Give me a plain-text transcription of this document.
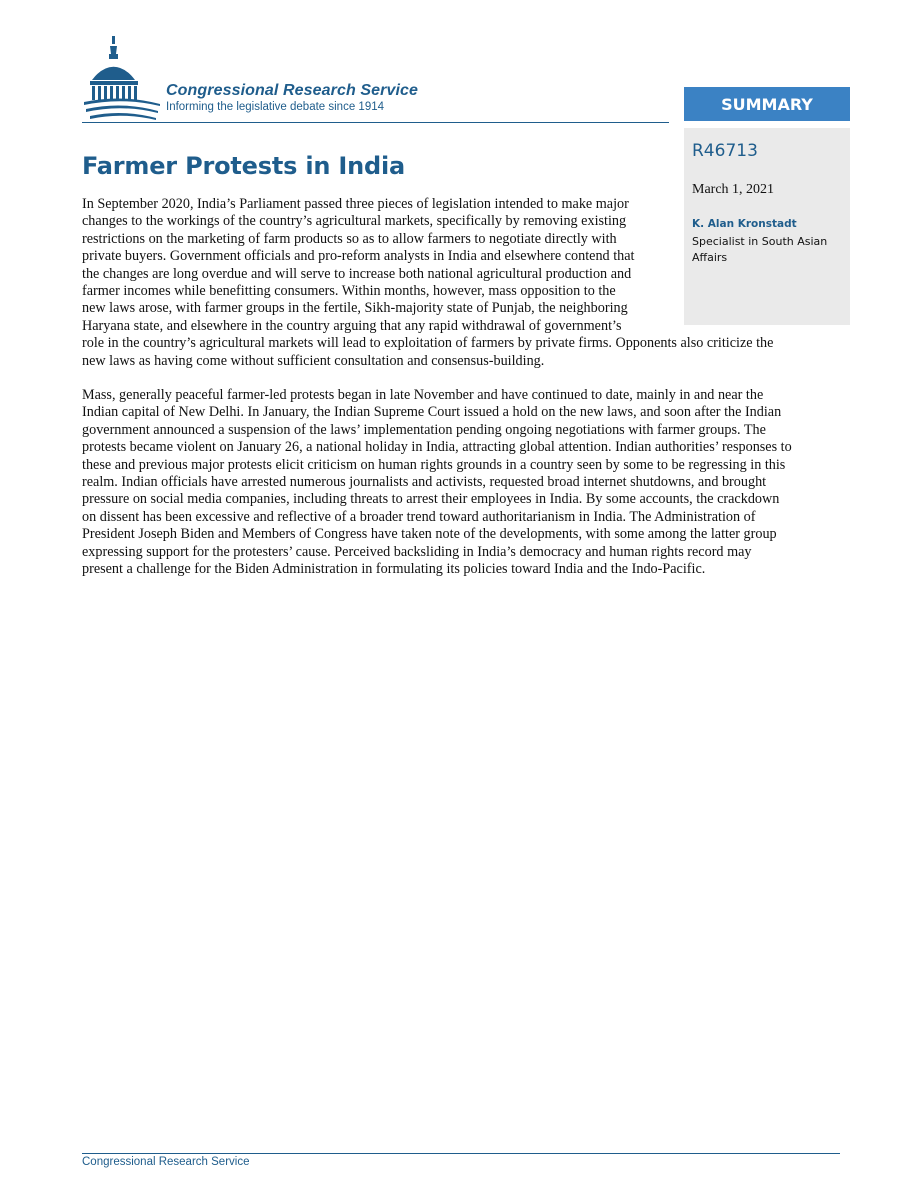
Congressional Research Service
Informing the legislative debate since 1914	SUMMARY
R46713
March 1, 2021
K. Alan Kronstadt
Specialist in South Asian Affairs
Farmer Protests in India

In September 2020, India’s Parliament passed three pieces of legislation intended to make major
changes to the workings of the country’s agricultural markets, specifically by removing existing
restrictions on the marketing of farm products so as to allow farmers to negotiate directly with
private buyers. Government officials and pro-reform analysts in India and elsewhere contend that
the changes are long overdue and will serve to increase both national agricultural production and
farmer incomes while benefitting consumers. Within months, however, mass opposition to the
new laws arose, with farmer groups in the fertile, Sikh-majority state of Punjab, the neighboring
Haryana state, and elsewhere in the country arguing that any rapid withdrawal of government’s
role in the country’s agricultural markets will lead to exploitation of farmers by private firms. Opponents also criticize the
new laws as having come without sufficient consultation and consensus-building.

Mass, generally peaceful farmer-led protests began in late November and have continued to date, mainly in and near the
Indian capital of New Delhi. In January, the Indian Supreme Court issued a hold on the new laws, and soon after the Indian
government announced a suspension of the laws’ implementation pending ongoing negotiations with farmer groups. The
protests became violent on January 26, a national holiday in India, attracting global attention. Indian authorities’ responses to
these and previous major protests elicit criticism on human rights grounds in a country seen by some to be regressing in this
realm. Indian officials have arrested numerous journalists and activists, requested broad internet shutdowns, and brought
pressure on social media companies, including threats to arrest their employees in India. By some accounts, the crackdown
on dissent has been excessive and reflective of a broader trend toward authoritarianism in India. The Administration of
President Joseph Biden and Members of Congress have taken note of the developments, with some among the latter group
expressing support for the protesters’ cause. Perceived backsliding in India’s democracy and human rights record may
present a challenge for the Biden Administration in formulating its policies toward India and the Indo-Pacific.

Congressional Research Service
